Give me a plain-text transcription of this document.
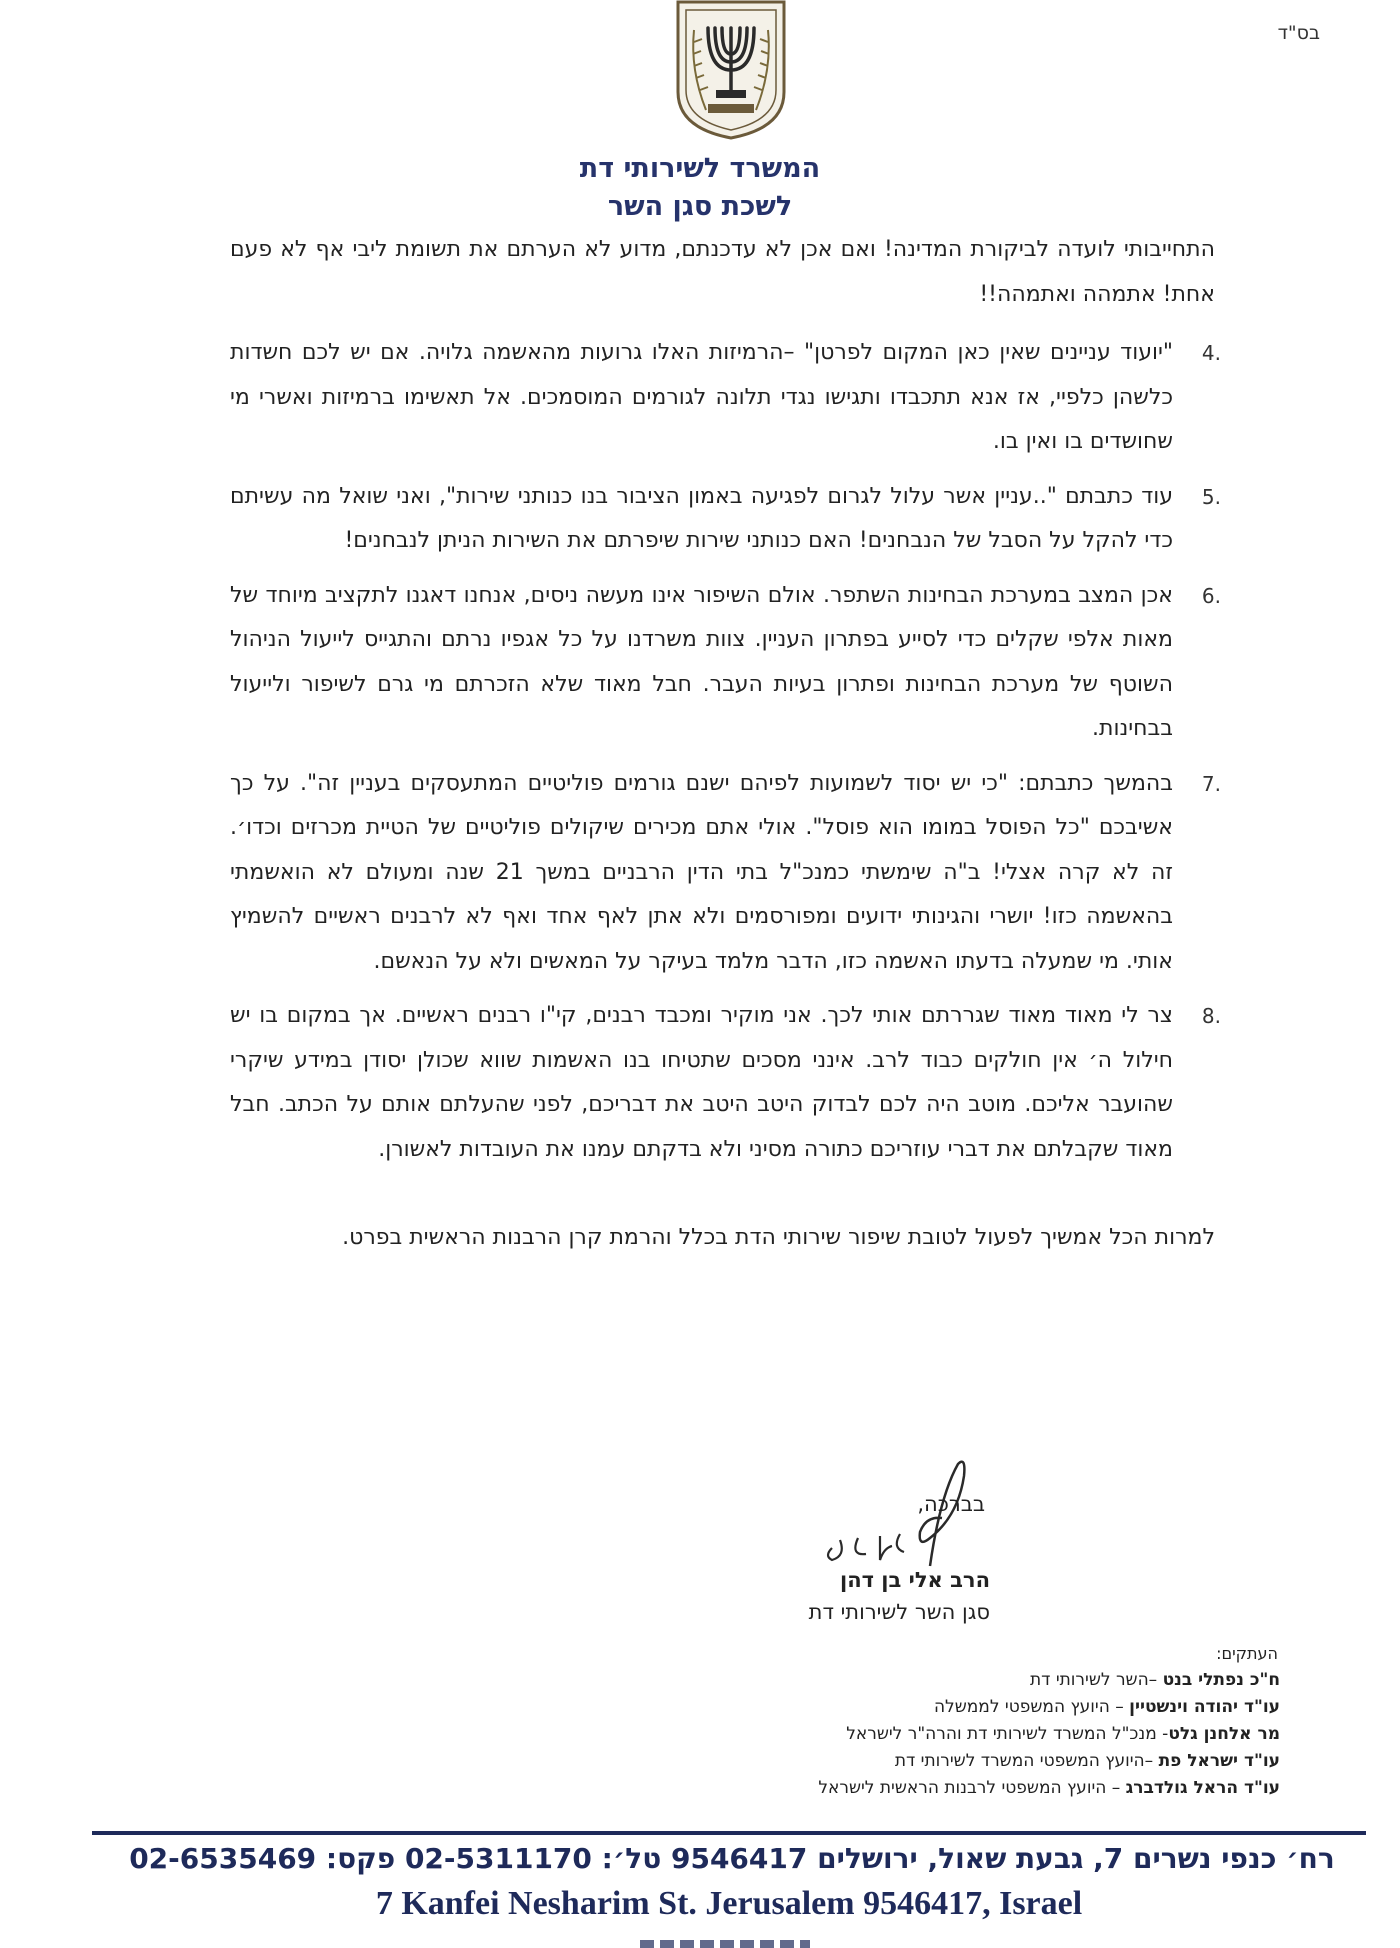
בס"ד
המשרד לשירותי דת
לשכת סגן השר

התחייבותי לועדה לביקורת המדינה! ואם אכן לא עדכנתם, מדוע לא הערתם את תשומת ליבי אף לא פעם אחת! אתמהה ואתמהה!!

4.
"יועוד עניינים שאין כאן המקום לפרטן" –הרמיזות האלו גרועות מהאשמה גלויה. אם יש לכם חשדות כלשהן כלפיי, אז אנא תתכבדו ותגישו נגדי תלונה לגורמים המוסמכים. אל תאשימו ברמיזות ואשרי מי שחושדים בו ואין בו.
5.
עוד כתבתם "..עניין אשר עלול לגרום לפגיעה באמון הציבור בנו כנותני שירות", ואני שואל מה עשיתם כדי להקל על הסבל של הנבחנים! האם כנותני שירות שיפרתם את השירות הניתן לנבחנים!
6.
אכן המצב במערכת הבחינות השתפר. אולם השיפור אינו מעשה ניסים, אנחנו דאגנו לתקציב מיוחד של מאות אלפי שקלים כדי לסייע בפתרון העניין. צוות משרדנו על כל אגפיו נרתם והתגייס לייעול הניהול השוטף של מערכת הבחינות ופתרון בעיות העבר. חבל מאוד שלא הזכרתם מי גרם לשיפור ולייעול בבחינות.
7.
בהמשך כתבתם: "כי יש יסוד לשמועות לפיהם ישנם גורמים פוליטיים המתעסקים בעניין זה". על כך אשיבכם "כל הפוסל במומו הוא פוסל". אולי אתם מכירים שיקולים פוליטיים של הטיית מכרזים וכדו׳. זה לא קרה אצלי! ב"ה שימשתי כמנכ"ל בתי הדין הרבניים במשך 21 שנה ומעולם לא הואשמתי בהאשמה כזו! יושרי והגינותי ידועים ומפורסמים ולא אתן לאף אחד ואף לא לרבנים ראשיים להשמיץ אותי. מי שמעלה בדעתו האשמה כזו, הדבר מלמד בעיקר על המאשים ולא על הנאשם.
8.
צר לי מאוד מאוד שגררתם אותי לכך. אני מוקיר ומכבד רבנים, קי"ו רבנים ראשיים. אך במקום בו יש חילול ה׳ אין חולקים כבוד לרב. אינני מסכים שתטיחו בנו האשמות שווא שכולן יסודן במידע שיקרי שהועבר אליכם. מוטב היה לכם לבדוק היטב היטב את דבריכם, לפני שהעלתם אותם על הכתב. חבל מאוד שקבלתם את דברי עוזריכם כתורה מסיני ולא בדקתם עמנו את העובדות לאשורן.

למרות הכל אמשיך לפעול לטובת שיפור שירותי הדת בכלל והרמת קרן הרבנות הראשית בפרט.

בברכה,
הרב אלי בן דהן
סגן השר לשירותי דת
העתקים:
ח"כ נפתלי בנט –השר לשירותי דת
עו"ד יהודה וינשטיין – היועץ המשפטי לממשלה
מר אלחנן גלט- מנכ"ל המשרד לשירותי דת והרה"ר לישראל
עו"ד ישראל פת –היועץ המשפטי המשרד לשירותי דת
עו"ד הראל גולדברג – היועץ המשפטי לרבנות הראשית לישראל
רח׳ כנפי נשרים 7, גבעת שאול, ירושלים 9546417 טל׳: 02-5311170 פקס: 02-6535469
7 Kanfei Nesharim St. Jerusalem 9546417, Israel
